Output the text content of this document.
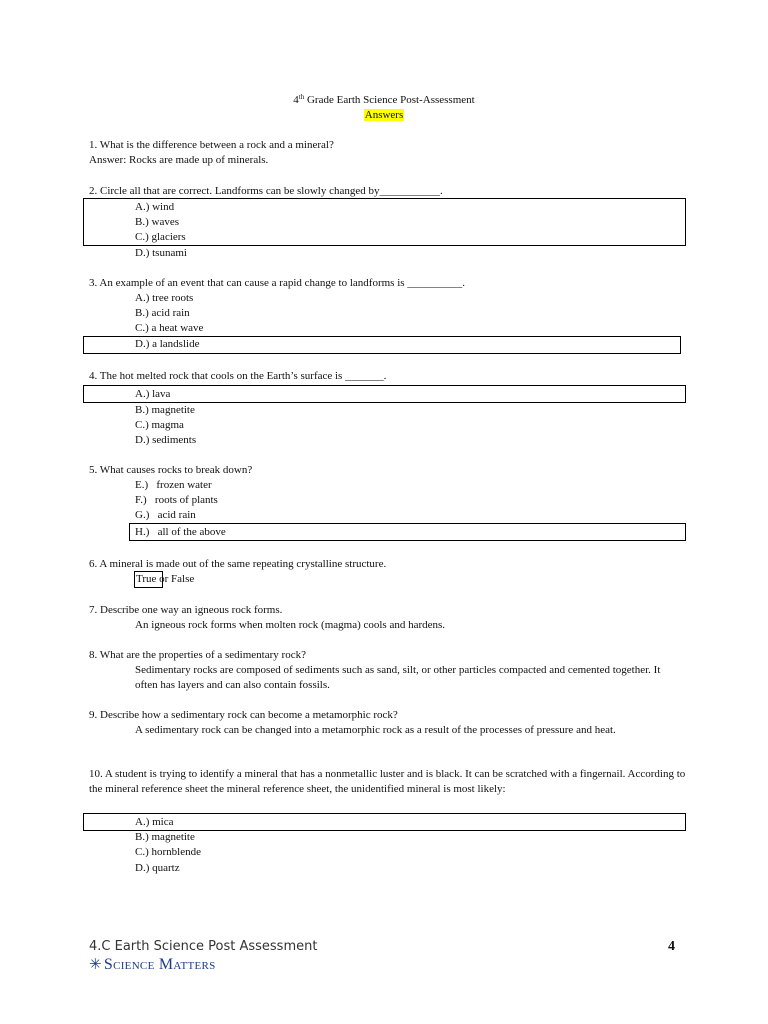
4th Grade Earth Science Post-Assessment
Answers
1. What is the difference between a rock and a mineral?
Answer: Rocks are made up of minerals.
2. Circle all that are correct. Landforms can be slowly changed by___________.
A.) wind
B.) waves
C.) glaciers
D.) tsunami
3. An example of an event that can cause a rapid change to landforms is __________.
A.) tree roots
B.) acid rain
C.) a heat wave
D.) a landslide
4. The hot melted rock that cools on the Earth’s surface is _______.
A.) lava
B.) magnetite
C.) magma
D.) sediments
5. What causes rocks to break down?
E.)   frozen water
F.)   roots of plants
G.)   acid rain
H.)   all of the above
6. A mineral is made out of the same repeating crystalline structure.
True or False
7. Describe one way an igneous rock forms.
An igneous rock forms when molten rock (magma) cools and hardens.
8. What are the properties of a sedimentary rock?
Sedimentary rocks are composed of sediments such as sand, silt, or other particles compacted and cemented together. It often has layers and can also contain fossils.
9. Describe how a sedimentary rock can become a metamorphic rock?
A sedimentary rock can be changed into a metamorphic rock as a result of the processes of pressure and heat.
10. A student is trying to identify a mineral that has a nonmetallic luster and is black. It can be scratched with a fingernail. According to the mineral reference sheet the mineral reference sheet, the unidentified mineral is most likely:
A.) mica
B.) magnetite
C.) hornblende
D.) quartz
4.C Earth Science Post Assessment	4
✳ Science Matters
